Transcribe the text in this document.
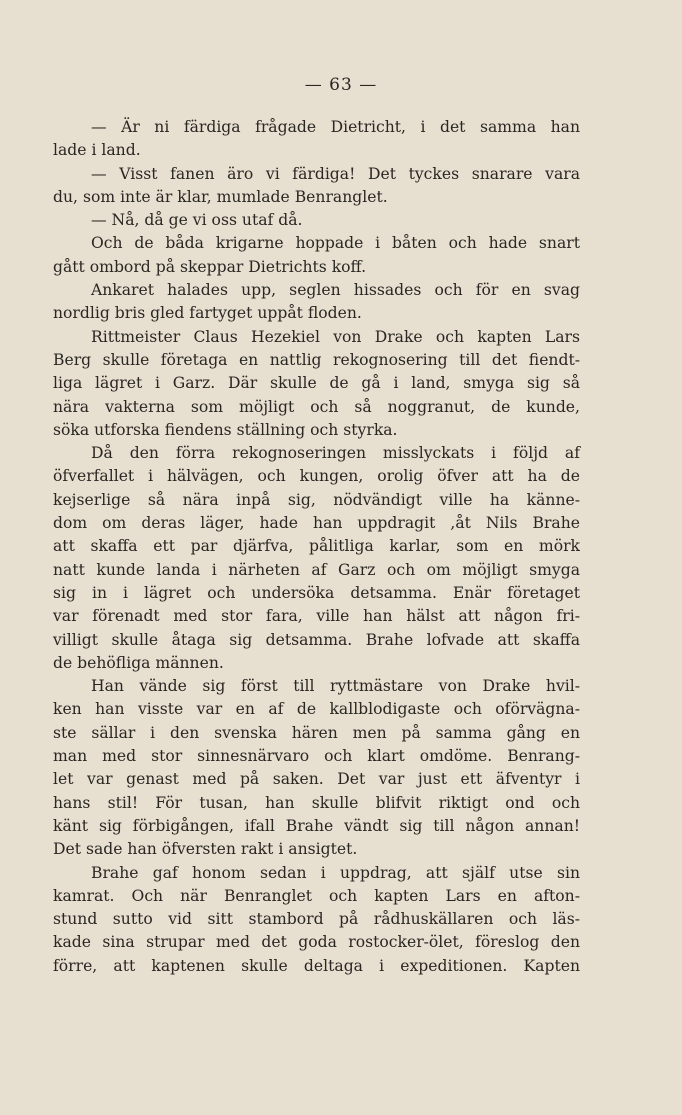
— 63 —
— Är ni färdiga frågade Dietricht, i det samma han
lade i land.
— Visst fanen äro vi färdiga! Det tyckes snarare vara
du, som inte är klar, mumlade Benranglet.
— Nå, då ge vi oss utaf då.
Och de båda krigarne hoppade i båten och hade snart
gått ombord på skeppar Dietrichts koff.
Ankaret halades upp, seglen hissades och för en svag
nordlig bris gled fartyget uppåt floden.
Rittmeister Claus Hezekiel von Drake och kapten Lars
Berg skulle företaga en nattlig rekognosering till det fiendt-
liga lägret i Garz. Där skulle de gå i land, smyga sig så
nära vakterna som möjligt och så noggranut, de kunde,
söka utforska fiendens ställning och styrka.
Då den förra rekognoseringen misslyckats i följd af
öfverfallet i hälvägen, och kungen, orolig öfver att ha de
kejserlige så nära inpå sig, nödvändigt ville ha känne-
dom om deras läger, hade han uppdragit ,åt Nils Brahe
att skaffa ett par djärfva, pålitliga karlar, som en mörk
natt kunde landa i närheten af Garz och om möjligt smyga
sig in i lägret och undersöka detsamma. Enär företaget
var förenadt med stor fara, ville han hälst att någon fri-
villigt skulle åtaga sig detsamma. Brahe lofvade att skaffa
de behöfliga männen.
Han vände sig först till ryttmästare von Drake hvil-
ken han visste var en af de kallblodigaste och oförvägna-
ste sällar i den svenska hären men på samma gång en
man med stor sinnesnärvaro och klart omdöme. Benrang-
let var genast med på saken. Det var just ett äfventyr i
hans stil! För tusan, han skulle blifvit riktigt ond och
känt sig förbigången, ifall Brahe vändt sig till någon annan!
Det sade han öfversten rakt i ansigtet.
Brahe gaf honom sedan i uppdrag, att själf utse sin
kamrat. Och när Benranglet och kapten Lars en afton-
stund sutto vid sitt stambord på rådhuskällaren och läs-
kade sina strupar med det goda rostocker-ölet, föreslog den
förre, att kaptenen skulle deltaga i expeditionen. Kapten
